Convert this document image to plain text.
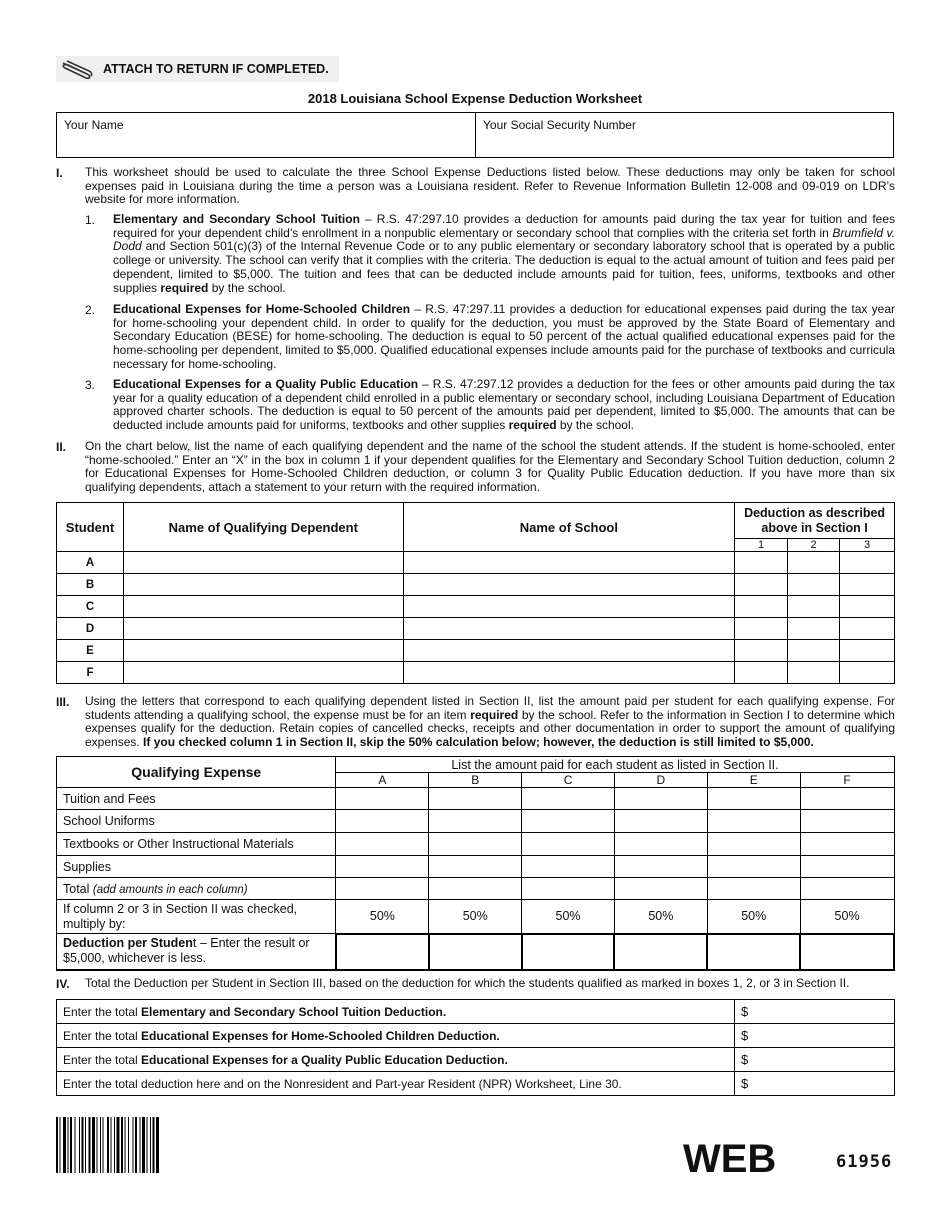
ATTACH TO RETURN IF COMPLETED.
2018 Louisiana School Expense Deduction Worksheet
Your Name	Your Social Security Number
I. This worksheet should be used to calculate the three School Expense Deductions listed below. These deductions may only be taken for school expenses paid in Louisiana during the time a person was a Louisiana resident. Refer to Revenue Information Bulletin 12-008 and 09-019 on LDR’s website for more information.
1. Elementary and Secondary School Tuition – R.S. 47:297.10 provides a deduction for amounts paid during the tax year for tuition and fees required for your dependent child’s enrollment in a nonpublic elementary or secondary school that complies with the criteria set forth in Brumfield v. Dodd and Section 501(c)(3) of the Internal Revenue Code or to any public elementary or secondary laboratory school that is operated by a public college or university. The school can verify that it complies with the criteria. The deduction is equal to the actual amount of tuition and fees paid per dependent, limited to $5,000. The tuition and fees that can be deducted include amounts paid for tuition, fees, uniforms, textbooks and other supplies required by the school.
2. Educational Expenses for Home-Schooled Children – R.S. 47:297.11 provides a deduction for educational expenses paid during the tax year for home-schooling your dependent child. In order to qualify for the deduction, you must be approved by the State Board of Elementary and Secondary Education (BESE) for home-schooling. The deduction is equal to 50 percent of the actual qualified educational expenses paid for the home-schooling per dependent, limited to $5,000. Qualified educational expenses include amounts paid for the purchase of textbooks and curricula necessary for home-schooling.
3. Educational Expenses for a Quality Public Education – R.S. 47:297.12 provides a deduction for the fees or other amounts paid during the tax year for a quality education of a dependent child enrolled in a public elementary or secondary school, including Louisiana Department of Education approved charter schools. The deduction is equal to 50 percent of the amounts paid per dependent, limited to $5,000. The amounts that can be deducted include amounts paid for uniforms, textbooks and other supplies required by the school.
II. On the chart below, list the name of each qualifying dependent and the name of the school the student attends. If the student is home-schooled, enter “home-schooled.” Enter an “X” in the box in column 1 if your dependent qualifies for the Elementary and Secondary School Tuition deduction, column 2 for Educational Expenses for Home-Schooled Children deduction, or column 3 for Quality Public Education deduction. If you have more than six qualifying dependents, attach a statement to your return with the required information.
Student	Name of Qualifying Dependent	Name of School	Deduction as described above in Section I		
			1	2	3
A					
B					
C					
D					
E					
F					
III. Using the letters that correspond to each qualifying dependent listed in Section II, list the amount paid per student for each qualifying expense. For students attending a qualifying school, the expense must be for an item required by the school. Refer to the information in Section I to determine which expenses qualify for the deduction. Retain copies of cancelled checks, receipts and other documentation in order to support the amount of qualifying expenses. If you checked column 1 in Section II, skip the 50% calculation below; however, the deduction is still limited to $5,000.
Qualifying Expense	List the amount paid for each student as listed in Section II.					
	A	B	C	D	E	F
Tuition and Fees						
School Uniforms						
Textbooks or Other Instructional Materials						
Supplies						
Total (add amounts in each column)						
If column 2 or 3 in Section II was checked, multiply by:	50%	50%	50%	50%	50%	50%
Deduction per Student – Enter the result or $5,000, whichever is less.						
IV. Total the Deduction per Student in Section III, based on the deduction for which the students qualified as marked in boxes 1, 2, or 3 in Section II.
Enter the total Elementary and Secondary School Tuition Deduction.	$
Enter the total Educational Expenses for Home-Schooled Children Deduction.	$
Enter the total Educational Expenses for a Quality Public Education Deduction.	$
Enter the total deduction here and on the Nonresident and Part-year Resident (NPR) Worksheet, Line 30.	$
WEB	61956
